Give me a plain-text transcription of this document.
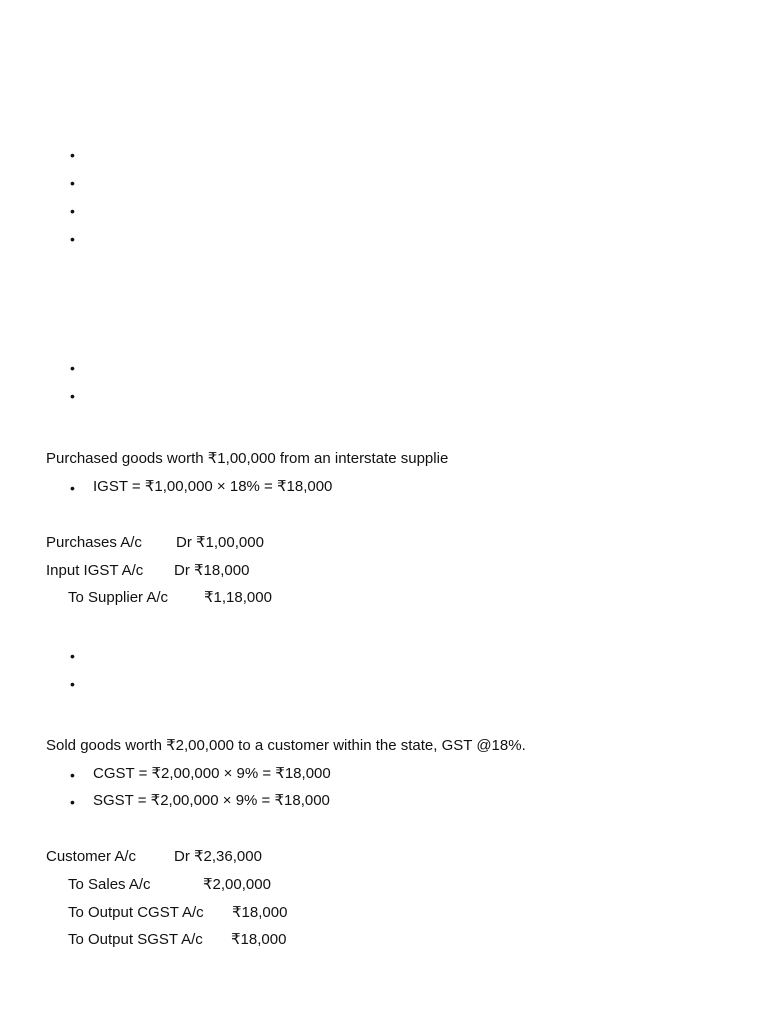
•
•
•
•
•
•
Purchased goods worth ₹1,00,000 from an interstate supplie
• IGST = ₹1,00,000 × 18% = ₹18,000
Purchases A/c Dr ₹1,00,000
Input IGST A/c Dr ₹18,000
To Supplier A/c ₹1,18,000
•
•
Sold goods worth ₹2,00,000 to a customer within the state, GST @18%.
• CGST = ₹2,00,000 × 9% = ₹18,000
• SGST = ₹2,00,000 × 9% = ₹18,000
Customer A/c	Dr ₹2,36,000
To Sales A/c	₹2,00,000
To Output CGST A/c ₹18,000
To Output SGST A/c ₹18,000
